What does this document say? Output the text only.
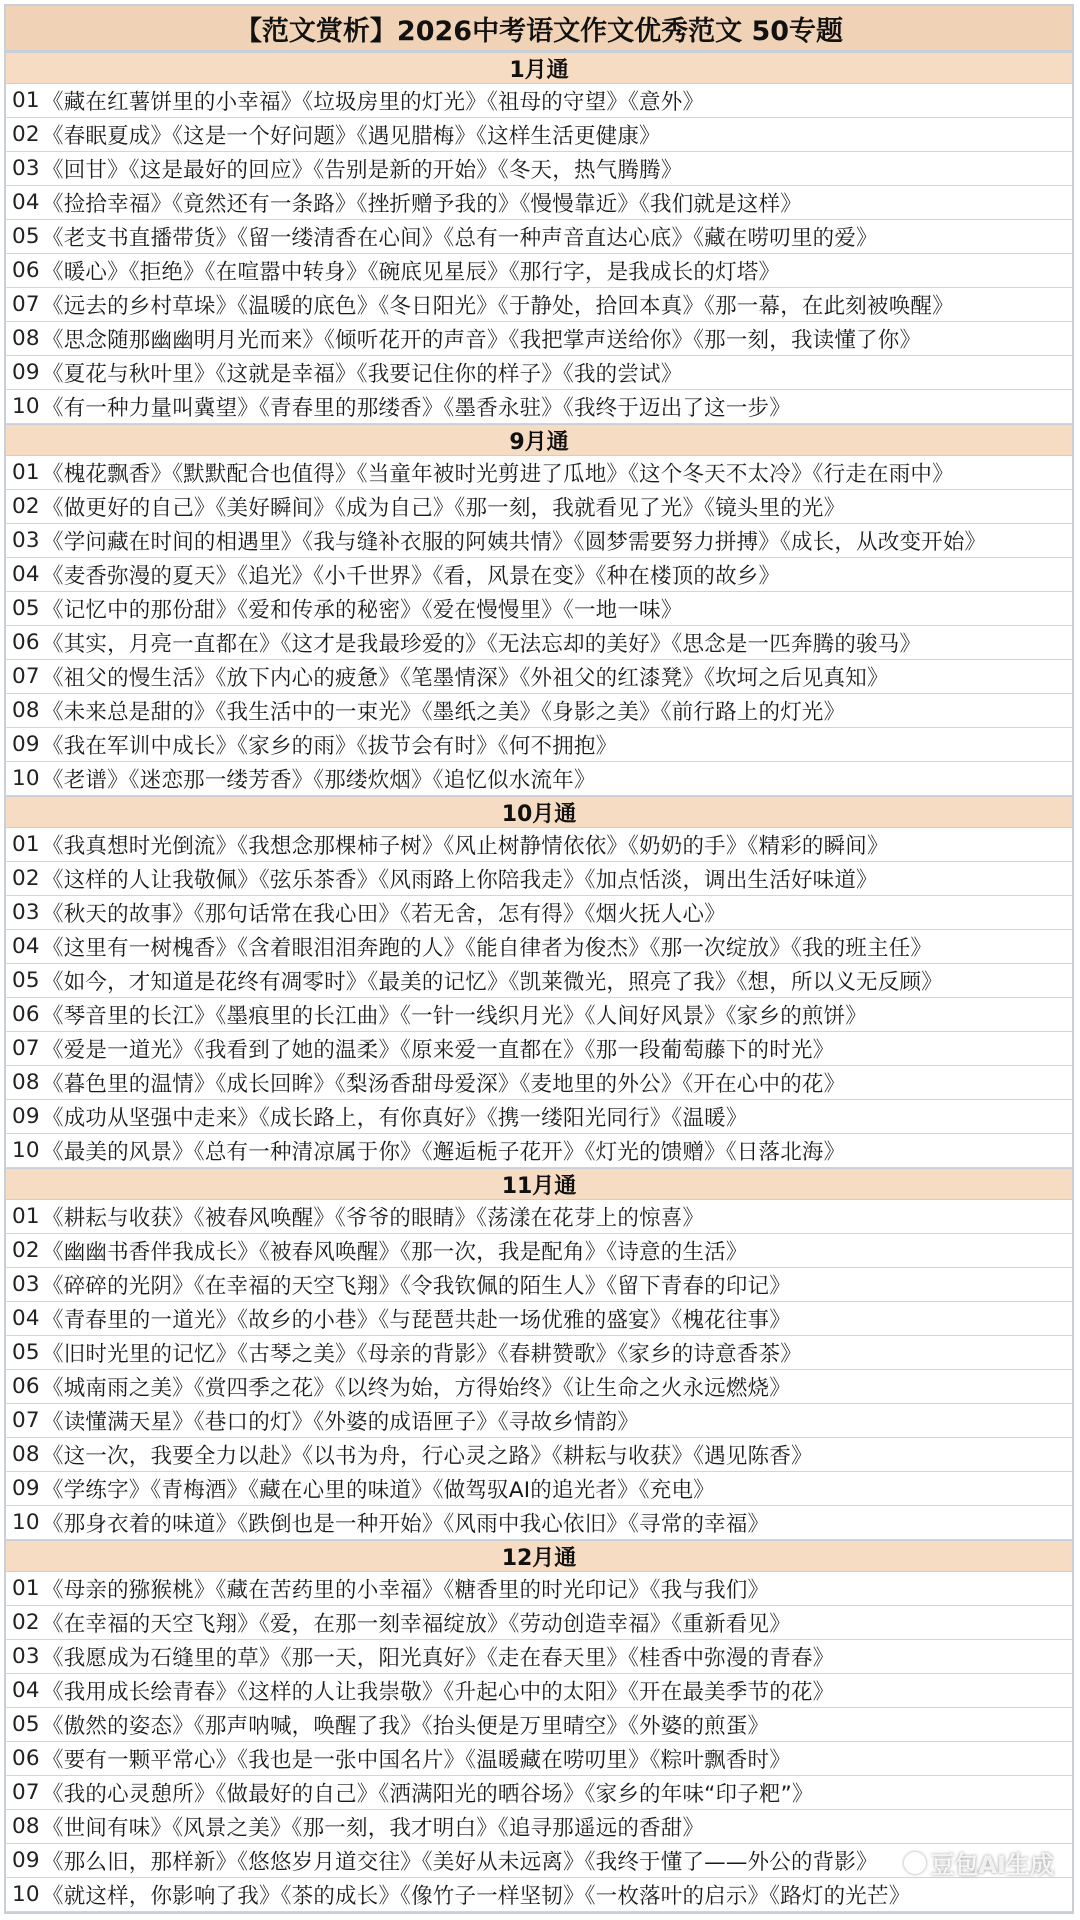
【范文赏析】2026中考语文作文优秀范文 50专题
1月通
01 《藏在红薯饼里的小幸福》《垃圾房里的灯光》《祖母的守望》《意外》
02 《春眠夏成》《这是一个好问题》《遇见腊梅》《这样生活更健康》
03 《回甘》《这是最好的回应》《告别是新的开始》《冬天，热气腾腾》
04 《捡拾幸福》《竟然还有一条路》《挫折赠予我的》《慢慢靠近》《我们就是这样》
05 《老支书直播带货》《留一缕清香在心间》《总有一种声音直达心底》《藏在唠叨里的爱》
06 《暖心》《拒绝》《在喧嚣中转身》《碗底见星辰》《那行字，是我成长的灯塔》
07 《远去的乡村草垛》《温暖的底色》《冬日阳光》《于静处，拾回本真》《那一幕，在此刻被唤醒》
08 《思念随那幽幽明月光而来》《倾听花开的声音》《我把掌声送给你》《那一刻，我读懂了你》
09 《夏花与秋叶里》《这就是幸福》《我要记住你的样子》《我的尝试》
10 《有一种力量叫冀望》《青春里的那缕香》《墨香永驻》《我终于迈出了这一步》
9月通
01 《槐花飘香》《默默配合也值得》《当童年被时光剪进了瓜地》《这个冬天不太冷》《行走在雨中》
02 《做更好的自己》《美好瞬间》《成为自己》《那一刻，我就看见了光》《镜头里的光》
03 《学问藏在时间的相遇里》《我与缝补衣服的阿姨共情》《圆梦需要努力拼搏》《成长，从改变开始》
04 《麦香弥漫的夏天》《追光》《小千世界》《看，风景在变》《种在楼顶的故乡》
05 《记忆中的那份甜》《爱和传承的秘密》《爱在慢慢里》《一地一味》
06 《其实，月亮一直都在》《这才是我最珍爱的》《无法忘却的美好》《思念是一匹奔腾的骏马》
07 《祖父的慢生活》《放下内心的疲惫》《笔墨情深》《外祖父的红漆凳》《坎坷之后见真知》
08 《未来总是甜的》《我生活中的一束光》《墨纸之美》《身影之美》《前行路上的灯光》
09 《我在军训中成长》《家乡的雨》《拔节会有时》《何不拥抱》
10 《老谱》《迷恋那一缕芳香》《那缕炊烟》《追忆似水流年》
10月通
01 《我真想时光倒流》《我想念那棵柿子树》《风止树静情依依》《奶奶的手》《精彩的瞬间》
02 《这样的人让我敬佩》《弦乐茶香》《风雨路上你陪我走》《加点恬淡，调出生活好味道》
03 《秋天的故事》《那句话常在我心田》《若无舍，怎有得》《烟火抚人心》
04 《这里有一树槐香》《含着眼泪泪奔跑的人》《能自律者为俊杰》《那一次绽放》《我的班主任》
05 《如今，才知道是花终有凋零时》《最美的记忆》《凯莱微光，照亮了我》《想，所以义无反顾》
06 《琴音里的长江》《墨痕里的长江曲》《一针一线织月光》《人间好风景》《家乡的煎饼》
07 《爱是一道光》《我看到了她的温柔》《原来爱一直都在》《那一段葡萄藤下的时光》
08 《暮色里的温情》《成长回眸》《梨汤香甜母爱深》《麦地里的外公》《开在心中的花》
09 《成功从坚强中走来》《成长路上，有你真好》《携一缕阳光同行》《温暖》
10 《最美的风景》《总有一种清凉属于你》《邂逅栀子花开》《灯光的馈赠》《日落北海》
11月通
01 《耕耘与收获》《被春风唤醒》《爷爷的眼睛》《荡漾在花芽上的惊喜》
02 《幽幽书香伴我成长》《被春风唤醒》《那一次，我是配角》《诗意的生活》
03 《碎碎的光阴》《在幸福的天空飞翔》《令我钦佩的陌生人》《留下青春的印记》
04 《青春里的一道光》《故乡的小巷》《与琵琶共赴一场优雅的盛宴》《槐花往事》
05 《旧时光里的记忆》《古琴之美》《母亲的背影》《春耕赞歌》《家乡的诗意香茶》
06 《城南雨之美》《赏四季之花》《以终为始，方得始终》《让生命之火永远燃烧》
07 《读懂满天星》《巷口的灯》《外婆的成语匣子》《寻故乡情韵》
08 《这一次，我要全力以赴》《以书为舟，行心灵之路》《耕耘与收获》《遇见陈香》
09 《学练字》《青梅酒》《藏在心里的味道》《做驾驭AI的追光者》《充电》
10 《那身衣着的味道》《跌倒也是一种开始》《风雨中我心依旧》《寻常的幸福》
12月通
01 《母亲的猕猴桃》《藏在苦药里的小幸福》《糖香里的时光印记》《我与我们》
02 《在幸福的天空飞翔》《爱，在那一刻幸福绽放》《劳动创造幸福》《重新看见》
03 《我愿成为石缝里的草》《那一天，阳光真好》《走在春天里》《桂香中弥漫的青春》
04 《我用成长绘青春》《这样的人让我崇敬》《升起心中的太阳》《开在最美季节的花》
05 《傲然的姿态》《那声呐喊，唤醒了我》《抬头便是万里晴空》《外婆的煎蛋》
06 《要有一颗平常心》《我也是一张中国名片》《温暖藏在唠叨里》《粽叶飘香时》
07 《我的心灵憩所》《做最好的自己》《洒满阳光的晒谷场》《家乡的年味“印子粑”》
08 《世间有味》《风景之美》《那一刻，我才明白》《追寻那遥远的香甜》
09 《那么旧，那样新》《悠悠岁月道交往》《美好从未远离》《我终于懂了——外公的背影》
10 《就这样，你影响了我》《茶的成长》《像竹子一样坚韧》《一枚落叶的启示》《路灯的光芒》
豆包AI生成
